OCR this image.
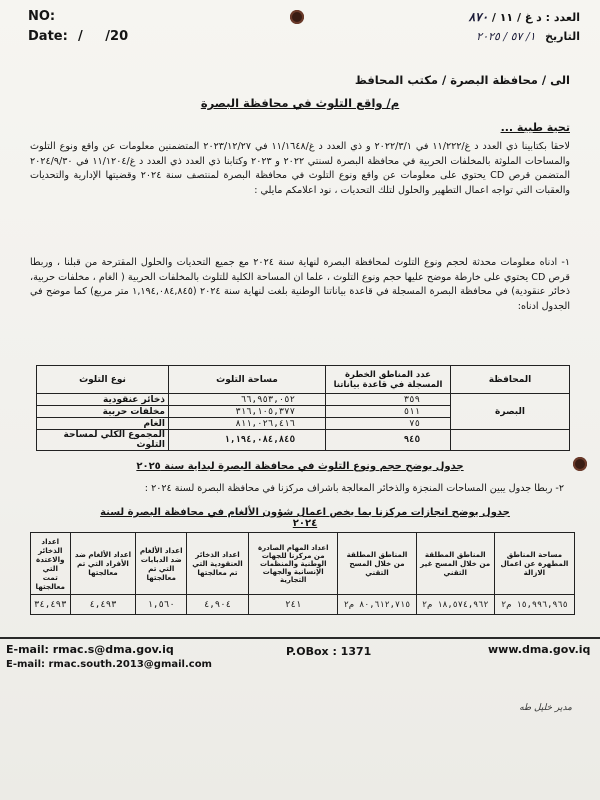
NO:
Date: / /20
العدد : د غ / ١١ / ٨٧٠
التاريخ ١/ ٥٧ / ٢٠٢٥
الى / محافظة البصرة / مكتب المحافظ
م/ واقع التلوث في محافظة البصرة
تحية طيبة ...

لاحقا بكتابينا ذي العدد د غ/١١/٢٢٢ في ٢٠٢٢/٣/١ و ذي العدد د غ/١١/١٦٤٨ في ٢٠٢٣/١٢/٢٧ المتضمنين معلومات عن واقع ونوع التلوث والمساحات الملوثة بالمخلفات الحربية في محافظة البصرة لسنتي ٢٠٢٢ و ٢٠٢٣ وكتابنا ذي العدد ذي العدد د غ/١١/١٢٠٤ في ٢٠٢٤/٩/٣٠ المتضمن قرص CD يحتوي على معلومات عن واقع ونوع التلوث في محافظة البصرة لمنتصف سنة ٢٠٢٤ وقضيتها الإدارية والتحديات والعقبات التي تواجه اعمال التطهير والحلول لتلك التحديات ، نود اعلامكم مايلي :

١- ادناه معلومات محدثة لحجم ونوع التلوث لمحافظة البصرة لنهاية سنة ٢٠٢٤ مع جميع التحديات والحلول المقترحة من قبلنا ، وربطا قرص CD يحتوي على خارطة موضح عليها حجم ونوع التلوث ، علما ان المساحة الكلية للتلوث بالمخلفات الحربية ( الغام ، مخلفات حربية، ذخائر عنقودية) في محافظة البصرة المسجلة في قاعدة بياناتنا الوطنية بلغت لنهاية سنة ٢٠٢٤ (١,١٩٤,٠٨٤,٨٤٥ متر مربع) كما موضح في الجدول ادناه:

المحافظة	عدد المناطق الخطرة المسجلة في قاعدة بياناتنا	مساحة التلوث	نوع التلوث
البصرة	٣٥٩	٦٦,٩٥٣,٠٥٢	ذخائر عنقودية
	٥١١	٣١٦,١٠٥,٣٧٧	مخلفات حربية
	٧٥	٨١١,٠٢٦,٤١٦	الغام
	٩٤٥	١,١٩٤,٠٨٤,٨٤٥	المجموع الكلي لمساحة التلوث
جدول يوضح حجم ونوع التلوث في محافظة البصرة لبداية سنة ٢٠٢٥
٢- ربطا جدول يبين المساحات المنجزة والذخائر المعالجة باشراف مركزنا في محافظة البصرة لسنة ٢٠٢٤ :
جدول يوضح انجازات مركزنا بما يخص اعمال شؤون الألغام في محافظة البصرة لسنة ٢٠٢٤
مساحة المناطق المطهرة عن اعمال الازالة	المناطق المطلقة من خلال المسح غير التقني	المناطق المطلقة من خلال المسح التقني	اعداد المهام الصادرة من مركزنا للجهات الوطنية والمنظمات الإنسانية والجهات التجارية	اعداد الذخائر العنقودية التي تم معالجتها	اعداد الألغام ضد الدبابات التي تم معالجتها	اعداد الألغام ضد الأفراد التي تم معالجتها	اعداد الذخائر والاعتدة التي تمت معالجتها
١٥,٩٩٦,٩٦٥ م٢	١٨,٥٧٤,٩٦٢ م٢	٨٠,٦١٢,٧١٥ م٢	٢٤١	٤,٩٠٤	١,٥٦٠	٤,٤٩٣	٣٤,٤٩٣
E-mail: rmac.s@dma.gov.iq
E-mail: rmac.south.2013@gmail.com
P.OBox : 1371	www.dma.gov.iq
مدير خليل طه
